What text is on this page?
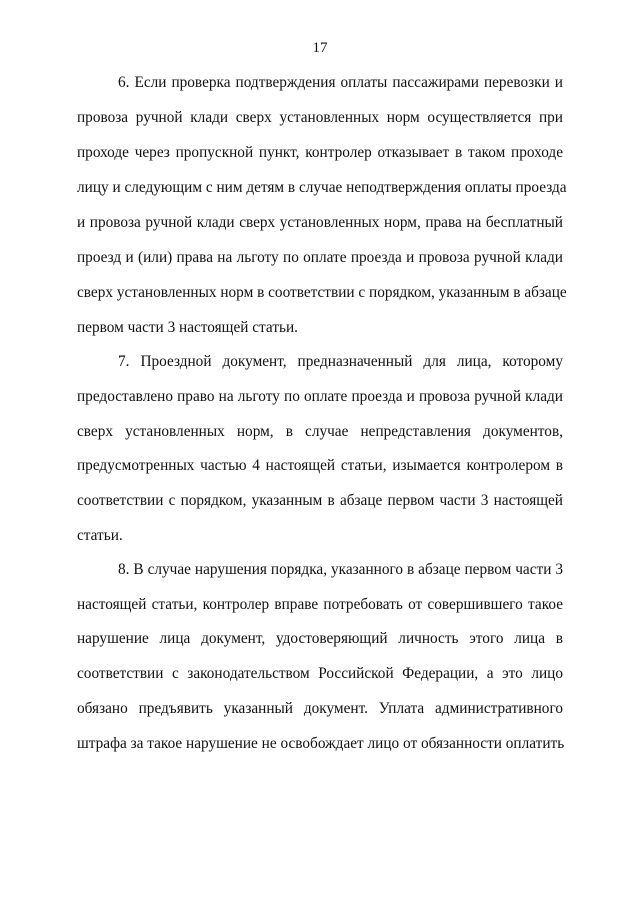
17
6. Если проверка подтверждения оплаты пассажирами перевозки и
провоза ручной клади сверх установленных норм осуществляется при
проходе через пропускной пункт, контролер отказывает в таком проходе
лицу и следующим с ним детям в случае неподтверждения оплаты проезда
и провоза ручной клади сверх установленных норм, права на бесплатный
проезд и (или) права на льготу по оплате проезда и провоза ручной клади
сверх установленных норм в соответствии с порядком, указанным в абзаце
первом части 3 настоящей статьи.
7. Проездной документ, предназначенный для лица, которому
предоставлено право на льготу по оплате проезда и провоза ручной клади
сверх установленных норм, в случае непредставления документов,
предусмотренных частью 4 настоящей статьи, изымается контролером в
соответствии с порядком, указанным в абзаце первом части 3 настоящей
статьи.
8. В случае нарушения порядка, указанного в абзаце первом части 3
настоящей статьи, контролер вправе потребовать от совершившего такое
нарушение лица документ, удостоверяющий личность этого лица в
соответствии с законодательством Российской Федерации, а это лицо
обязано предъявить указанный документ. Уплата административного
штрафа за такое нарушение не освобождает лицо от обязанности оплатить
